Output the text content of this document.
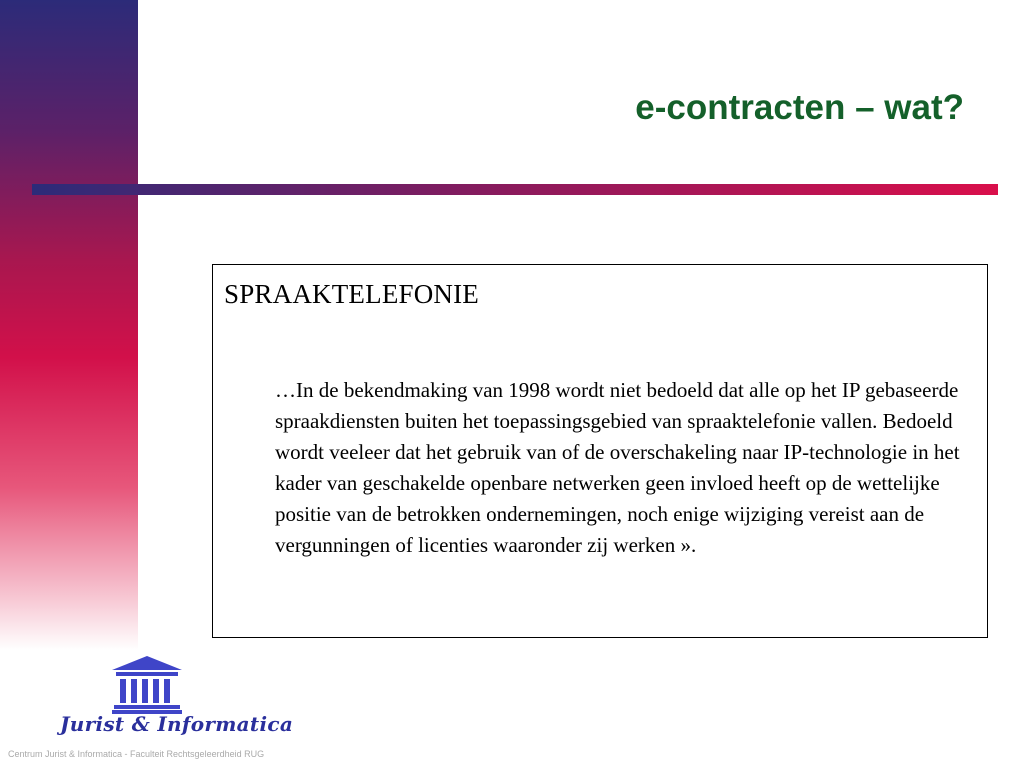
e-contracten – wat?
SPRAAKTELEFONIE
…In de bekendmaking van 1998 wordt niet bedoeld dat alle op het IP gebaseerde spraakdiensten buiten het toepassingsgebied van spraaktelefonie vallen. Bedoeld wordt veeleer dat het gebruik van of de overschakeling naar IP-technologie in het kader van geschakelde openbare netwerken geen invloed heeft op de wettelijke positie van de betrokken ondernemingen, noch enige wijziging vereist aan de vergunningen of licenties waaronder zij werken ».
Jurist & Informatica
Centrum Jurist & Informatica - Faculteit Rechtsgeleerdheid RUG
